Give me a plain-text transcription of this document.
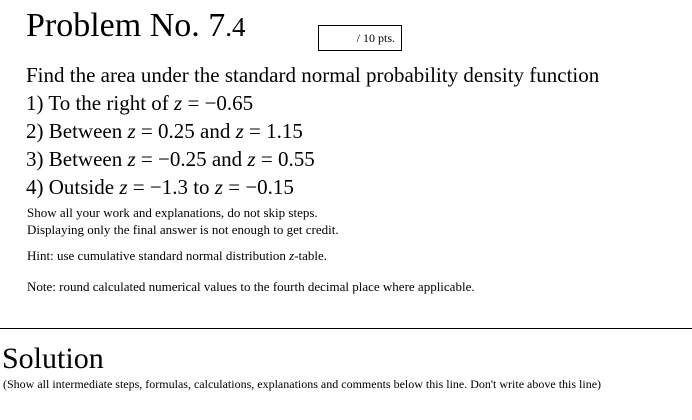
Problem No. 7.4	/ 10 pts.
Find the area under the standard normal probability density function
1) To the right of z = −0.65
2) Between z = 0.25 and z = 1.15
3) Between z = −0.25 and z = 0.55
4) Outside z = −1.3 to z = −0.15
Show all your work and explanations, do not skip steps.
Displaying only the final answer is not enough to get credit.
Hint: use cumulative standard normal distribution z-table.
Note: round calculated numerical values to the fourth decimal place where applicable.
Solution
(Show all intermediate steps, formulas, calculations, explanations and comments below this line. Don't write above this line)
